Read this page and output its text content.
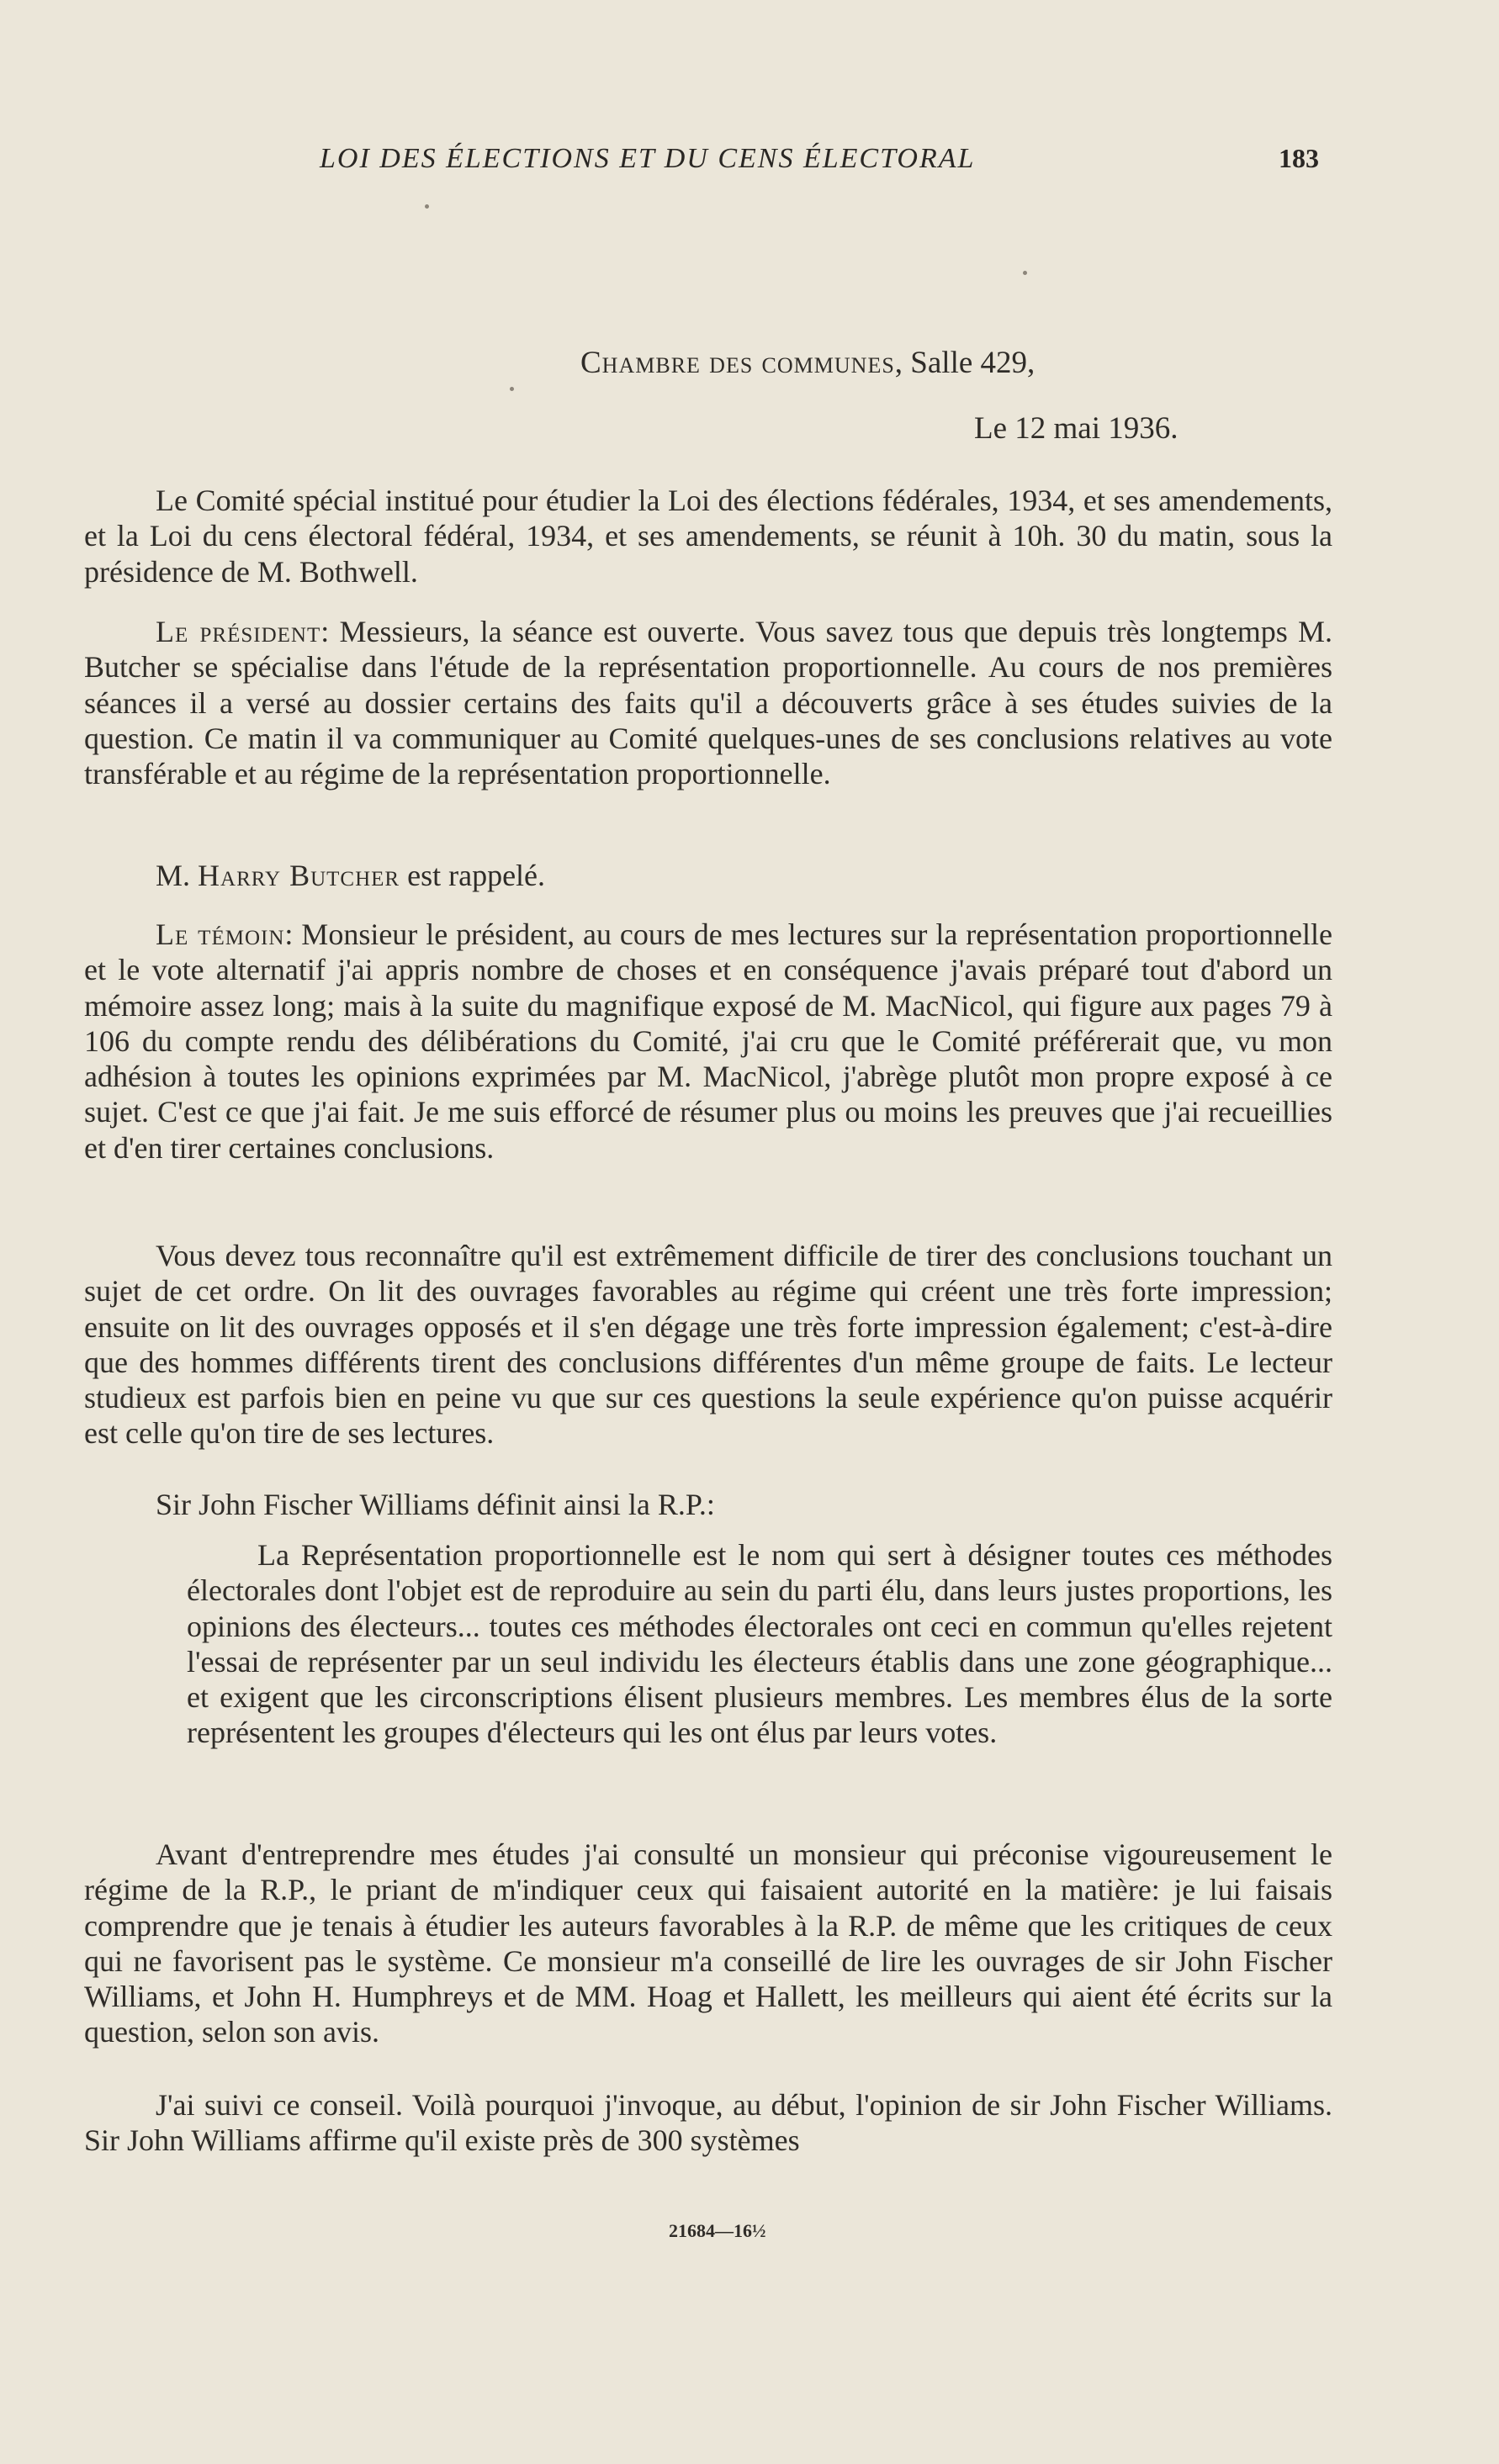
LOI DES ÉLECTIONS ET DU CENS ÉLECTORAL	183
Chambre des communes, Salle 429,
Le 12 mai 1936.

Le Comité spécial institué pour étudier la Loi des élections fédérales, 1934, et ses amendements, et la Loi du cens électoral fédéral, 1934, et ses amendements, se réunit à 10h. 30 du matin, sous la présidence de M. Bothwell.

Le président: Messieurs, la séance est ouverte. Vous savez tous que depuis très longtemps M. Butcher se spécialise dans l'étude de la représentation proportionnelle. Au cours de nos premières séances il a versé au dossier certains des faits qu'il a découverts grâce à ses études suivies de la question. Ce matin il va communiquer au Comité quelques-unes de ses conclusions relatives au vote transférable et au régime de la représentation proportionnelle.

M. Harry Butcher est rappelé.

Le témoin: Monsieur le président, au cours de mes lectures sur la représentation proportionnelle et le vote alternatif j'ai appris nombre de choses et en conséquence j'avais préparé tout d'abord un mémoire assez long; mais à la suite du magnifique exposé de M. MacNicol, qui figure aux pages 79 à 106 du compte rendu des délibérations du Comité, j'ai cru que le Comité préférerait que, vu mon adhésion à toutes les opinions exprimées par M. MacNicol, j'abrège plutôt mon propre exposé à ce sujet. C'est ce que j'ai fait. Je me suis efforcé de résumer plus ou moins les preuves que j'ai recueillies et d'en tirer certaines conclusions.

Vous devez tous reconnaître qu'il est extrêmement difficile de tirer des conclusions touchant un sujet de cet ordre. On lit des ouvrages favorables au régime qui créent une très forte impression; ensuite on lit des ouvrages opposés et il s'en dégage une très forte impression également; c'est-à-dire que des hommes différents tirent des conclusions différentes d'un même groupe de faits. Le lecteur studieux est parfois bien en peine vu que sur ces questions la seule expérience qu'on puisse acquérir est celle qu'on tire de ses lectures.

Sir John Fischer Williams définit ainsi la R.P.:

La Représentation proportionnelle est le nom qui sert à désigner toutes ces méthodes électorales dont l'objet est de reproduire au sein du parti élu, dans leurs justes proportions, les opinions des électeurs... toutes ces méthodes électorales ont ceci en commun qu'elles rejetent l'essai de représenter par un seul individu les électeurs établis dans une zone géographique... et exigent que les circonscriptions élisent plusieurs membres. Les membres élus de la sorte représentent les groupes d'électeurs qui les ont élus par leurs votes.

Avant d'entreprendre mes études j'ai consulté un monsieur qui préconise vigoureusement le régime de la R.P., le priant de m'indiquer ceux qui faisaient autorité en la matière: je lui faisais comprendre que je tenais à étudier les auteurs favorables à la R.P. de même que les critiques de ceux qui ne favorisent pas le système. Ce monsieur m'a conseillé de lire les ouvrages de sir John Fischer Williams, et John H. Humphreys et de MM. Hoag et Hallett, les meilleurs qui aient été écrits sur la question, selon son avis.

J'ai suivi ce conseil. Voilà pourquoi j'invoque, au début, l'opinion de sir John Fischer Williams. Sir John Williams affirme qu'il existe près de 300 systèmes

21684—16½
